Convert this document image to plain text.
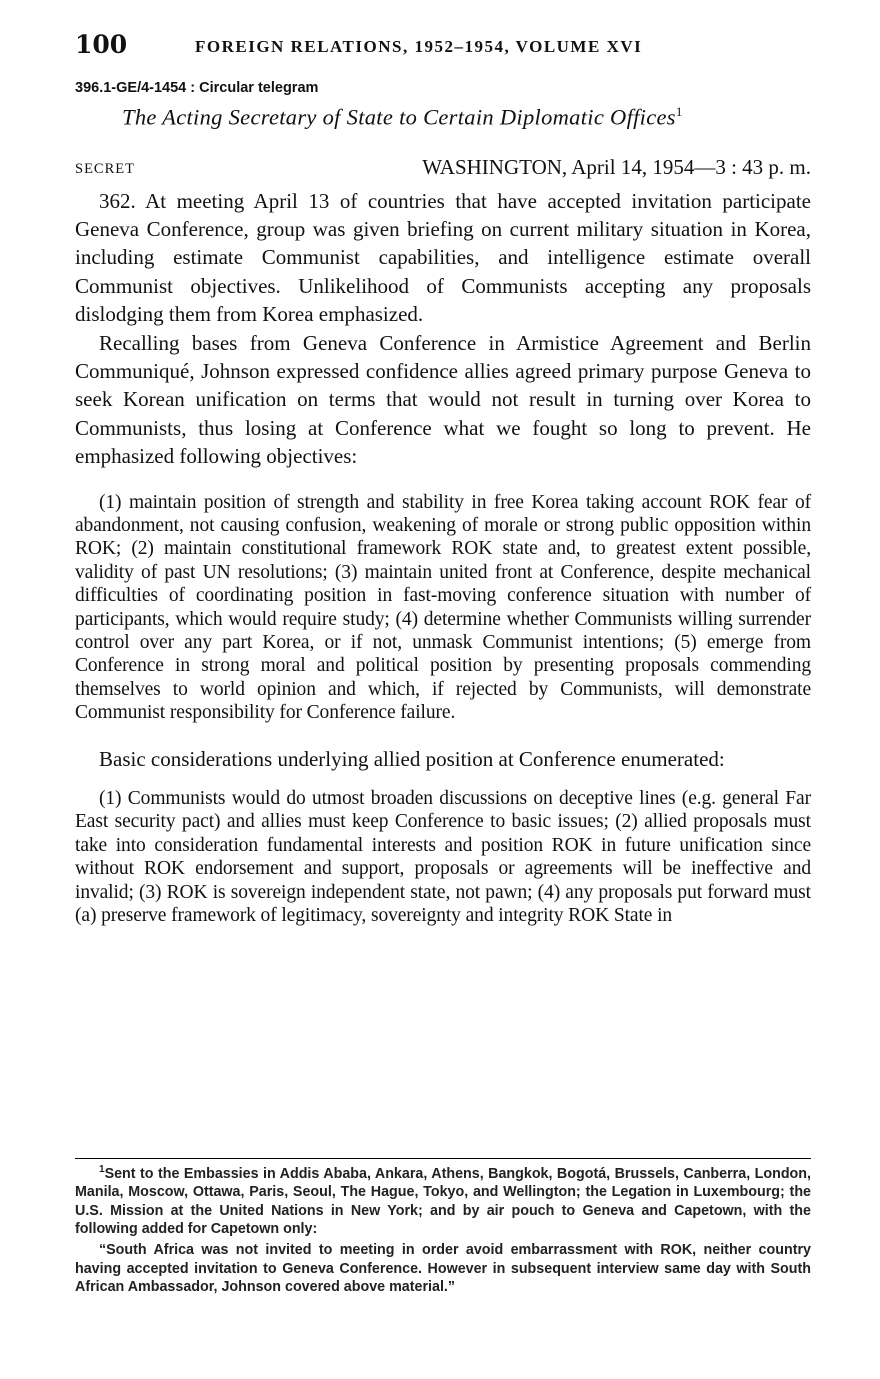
100	FOREIGN RELATIONS, 1952–1954, VOLUME XVI
396.1-GE/4-1454 : Circular telegram
The Acting Secretary of State to Certain Diplomatic Offices$^1$
SECRET	WASHINGTON, April 14, 1954—3 : 43 p. m.

362. At meeting April 13 of countries that have accepted invitation participate Geneva Conference, group was given briefing on current military situation in Korea, including estimate Communist capabilities, and intelligence estimate overall Communist objectives. Unlikelihood of Communists accepting any proposals dislodging them from Korea emphasized.

Recalling bases from Geneva Conference in Armistice Agreement and Berlin Communiqué, Johnson expressed confidence allies agreed primary purpose Geneva to seek Korean unification on terms that would not result in turning over Korea to Communists, thus losing at Conference what we fought so long to prevent. He emphasized following objectives:

(1) maintain position of strength and stability in free Korea taking account ROK fear of abandonment, not causing confusion, weakening of morale or strong public opposition within ROK; (2) maintain constitutional framework ROK state and, to greatest extent possible, validity of past UN resolutions; (3) maintain united front at Conference, despite mechanical difficulties of coordinating position in fast-moving conference situation with number of participants, which would require study; (4) determine whether Communists willing surrender control over any part Korea, or if not, unmask Communist intentions; (5) emerge from Conference in strong moral and political position by presenting proposals commending themselves to world opinion and which, if rejected by Communists, will demonstrate Communist responsibility for Conference failure.

Basic considerations underlying allied position at Conference enumerated:

(1) Communists would do utmost broaden discussions on deceptive lines (e.g. general Far East security pact) and allies must keep Conference to basic issues; (2) allied proposals must take into consideration fundamental interests and position ROK in future unification since without ROK endorsement and support, proposals or agreements will be ineffective and invalid; (3) ROK is sovereign independent state, not pawn; (4) any proposals put forward must (a) preserve framework of legitimacy, sovereignty and integrity ROK State in

$^1$Sent to the Embassies in Addis Ababa, Ankara, Athens, Bangkok, Bogotá, Brussels, Canberra, London, Manila, Moscow, Ottawa, Paris, Seoul, The Hague, Tokyo, and Wellington; the Legation in Luxembourg; the U.S. Mission at the United Nations in New York; and by air pouch to Geneva and Capetown, with the following added for Capetown only:

“South Africa was not invited to meeting in order avoid embarrassment with ROK, neither country having accepted invitation to Geneva Conference. However in subsequent interview same day with South African Ambassador, Johnson covered above material.”
